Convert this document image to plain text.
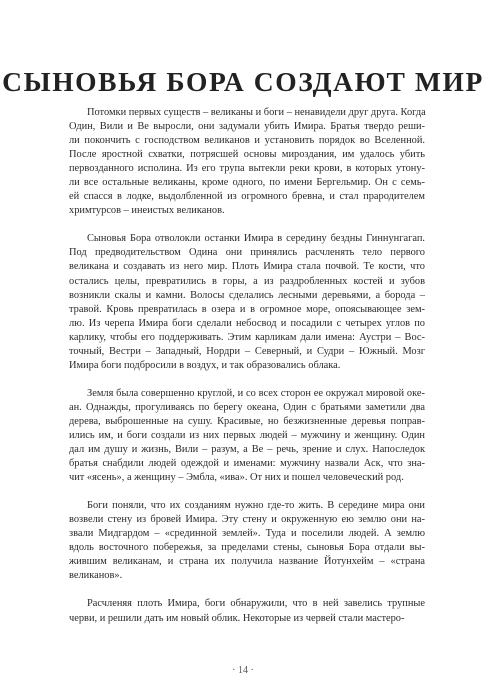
СЫНОВЬЯ БОРА СОЗДАЮТ МИР

Потомки первых существ – великаны и боги – ненавидели друг друга. Когда
Один, Вили и Ве выросли, они задумали убить Имира. Братья твердо реши-
ли покончить с господством великанов и установить порядок во Вселенной.
После яростной схватки, потрясшей основы мироздания, им удалось убить
первозданного исполина. Из его трупа вытекли реки крови, в которых утону-
ли все остальные великаны, кроме одного, по имени Бергельмир. Он с семь-
ей спасся в лодке, выдолбленной из огромного бревна, и стал прародителем
хримтурсов – инеистых великанов.

Сыновья Бора отволокли останки Имира в середину бездны Гиннунгагап.
Под предводительством Одина они принялись расчленять тело первого
великана и создавать из него мир. Плоть Имира стала почвой. Те кости, что
остались целы, превратились в горы, а из раздробленных костей и зубов
возникли скалы и камни. Волосы сделались лесными деревьями, а борода –
травой. Кровь превратилась в озера и в огромное море, опоясывающее зем-
лю. Из черепа Имира боги сделали небосвод и посадили с четырех углов по
карлику, чтобы его поддерживать. Этим карликам дали имена: Аустри – Вос-
точный, Вестри – Западный, Нордри – Северный, и Судри – Южный. Мозг
Имира боги подбросили в воздух, и так образовались облака.

Земля была совершенно круглой, и со всех сторон ее окружал мировой оке-
ан. Однажды, прогуливаясь по берегу океана, Один с братьями заметили два
дерева, выброшенные на сушу. Красивые, но безжизненные деревья поправ-
ились им, и боги создали из них первых людей – мужчину и женщину. Один
дал им душу и жизнь, Вили – разум, а Ве – речь, зрение и слух. Напоследок
братья снабдили людей одеждой и именами: мужчину назвали Аск, что зна-
чит «ясень», а женщину – Эмбла, «ива». От них и пошел человеческий род.

Боги поняли, что их созданиям нужно где-то жить. В середине мира они
возвели стену из бровей Имира. Эту стену и окруженную ею землю они на-
звали Мидгардом – «срединной землей». Туда и поселили людей. А землю
вдоль восточного побережья, за пределами стены, сыновья Бора отдали вы-
жившим великанам, и страна их получила название Йотунхейм – «страна
великанов».

Расчленяя плоть Имира, боги обнаружили, что в ней завелись трупные
черви, и решили дать им новый облик. Некоторые из червей стали мастеро-

· 14 ·
